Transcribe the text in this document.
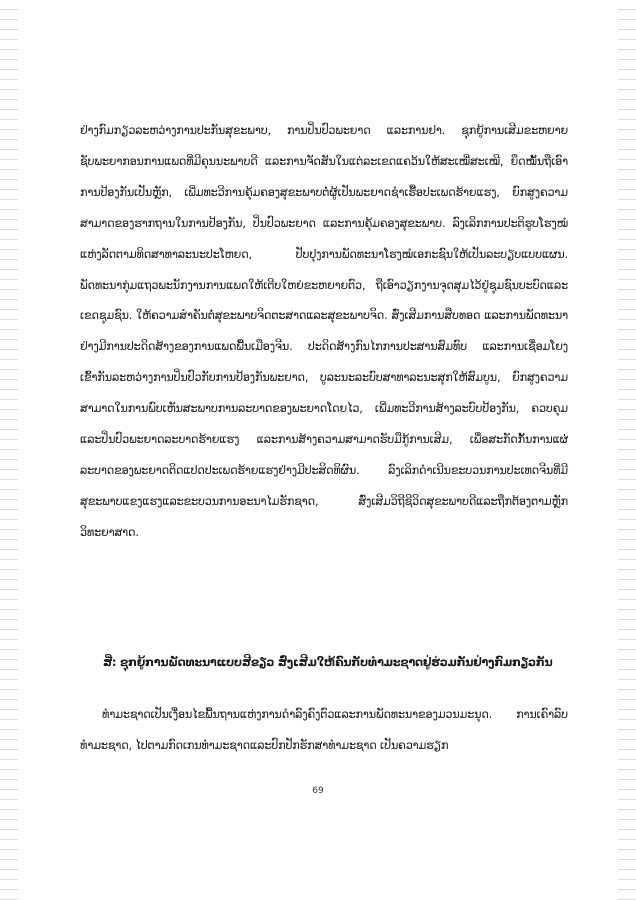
ຢ່າງກົມກຽວລະຫວ່າງການປະກັນສຸຂະພາບ, ການປິ່ນປົວພະຍາດ ແລະການຢາ. ຊຸກຍູ້ການເສີມຂະຫຍາຍຊັບພະຍາກອນການແພດທີ່ມີຄຸນນະພາບດີ ແລະການຈັດສັນໃນແຕ່ລະເຂດແຄວ້ນໃຫ້ສະເໝີ່ສະເໝີ, ຍຶດໝັ້ນຖືເອົາການປ້ອງກັນເປັນຫຼັກ, ເພີ່ມທະວີການຄຸ້ມຄອງສຸຂະພາບຕໍ່ຜູ້ເປັນພະຍາດຊຳເຮື້ອປະເພດຮ້າຍແຮງ, ຍົກສູງຄວາມສາມາດຂອງຮາກຖານໃນການປ້ອງກັນ, ປິ່ນປົວພະຍາດ ແລະການຄຸ້ມຄອງສຸຂະພາບ. ລົງເລິກການປະຕິຮູບໂຮງໝໍແຫ່ງລັດຕາມທິດສາທາລະນະປະໂຫຍດ, ປັບປຸງການພັດທະນາໂຮງໝໍເອກະຊົນໃຫ້ເປັນລະບຽບແບບແຜນ. ພັດທະນາກຸ່ມແຖວພະນັກງານການແພດໃຫ້ເຕີບໃຫຍ່ຂະຫຍາຍຕົວ, ຖືເອົາວຽກງານຈຸດສຸມໄວ້ຢູ່ຊຸມຊົນບະບົດແລະເຂດຊຸມຊົນ. ໃຫ້ຄວາມສຳຄັນຕໍ່ສຸຂະພາບຈິດຕະສາດແລະສຸຂະພາບຈິດ. ສົ່ງເສີມການສືບທອດ ແລະການພັດທະນາຢ່າງມີການປະດິດສ້າງຂອງການແພດພື້ນເມືອງຈີນ. ປະດິດສ້າງກົນໄກການປະສານສົມທົບ ແລະການເຊື່ອມໂຍງເຂົ້າກັນລະຫວ່າງການປິ່ນປົວກັບການປ້ອງກັນພະຍາດ, ບູລະນະລະບົບສາທາລະນະສຸກໃຫ້ສົມບູນ, ຍົກສູງຄວາມສາມາດໃນການພົບເຫັນສະພາບການລະບາດຂອງພະຍາດໂດຍໄວ, ເພີ່ມທະວີການສ້າງລະບົບປ້ອງກັນ, ຄວບຄຸມແລະປິ່ນປົວພະຍາດລະບາດຮ້າຍແຮງ ແລະການສ້າງຄວາມສາມາດຮັບມືກູ້ການເສີມ, ເພື່ອສະກັດກັ້ນການແຜ່ລະບາດຂອງພະຍາດຕິດແປດປະເພດຮ້າຍແຮງຢ່າງມີປະສິດທິຜົນ. ລົງເລິກດຳເນີນຂະບວນການປະເທດຈີນທີ່ມີສຸຂະພາບແຂງແຮງແລະຂະບວນການອະນາໄມຮັກຊາດ, ສົ່ງເສີມວິຖີຊີວິດສຸຂະພາບດີແລະຖືກຕ້ອງຕາມຫຼັກວິທະຍາສາດ.

ສີ່: ຊຸກຍູ້ການພັດທະນາແບບສີຂຽວ ສົ່ງເສີມໃຫ້ຄົນກັບທຳມະຊາດຢູ່ຮ່ວມກັນຢ່າງກົມກຽວກັນ

ທຳມະຊາດເປັນເງື່ອນໄຂພື້ນຖານແຫ່ງການດຳລົງຄົງຕົວແລະການພັດທະນາຂອງມວນມະນຸດ. ການເຄົາລົບທຳມະຊາດ, ໄປຕາມກົດເກນທຳມະຊາດແລະປົກປັກຮັກສາທຳມະຊາດ ເປັນຄວາມຮຽກ

69
